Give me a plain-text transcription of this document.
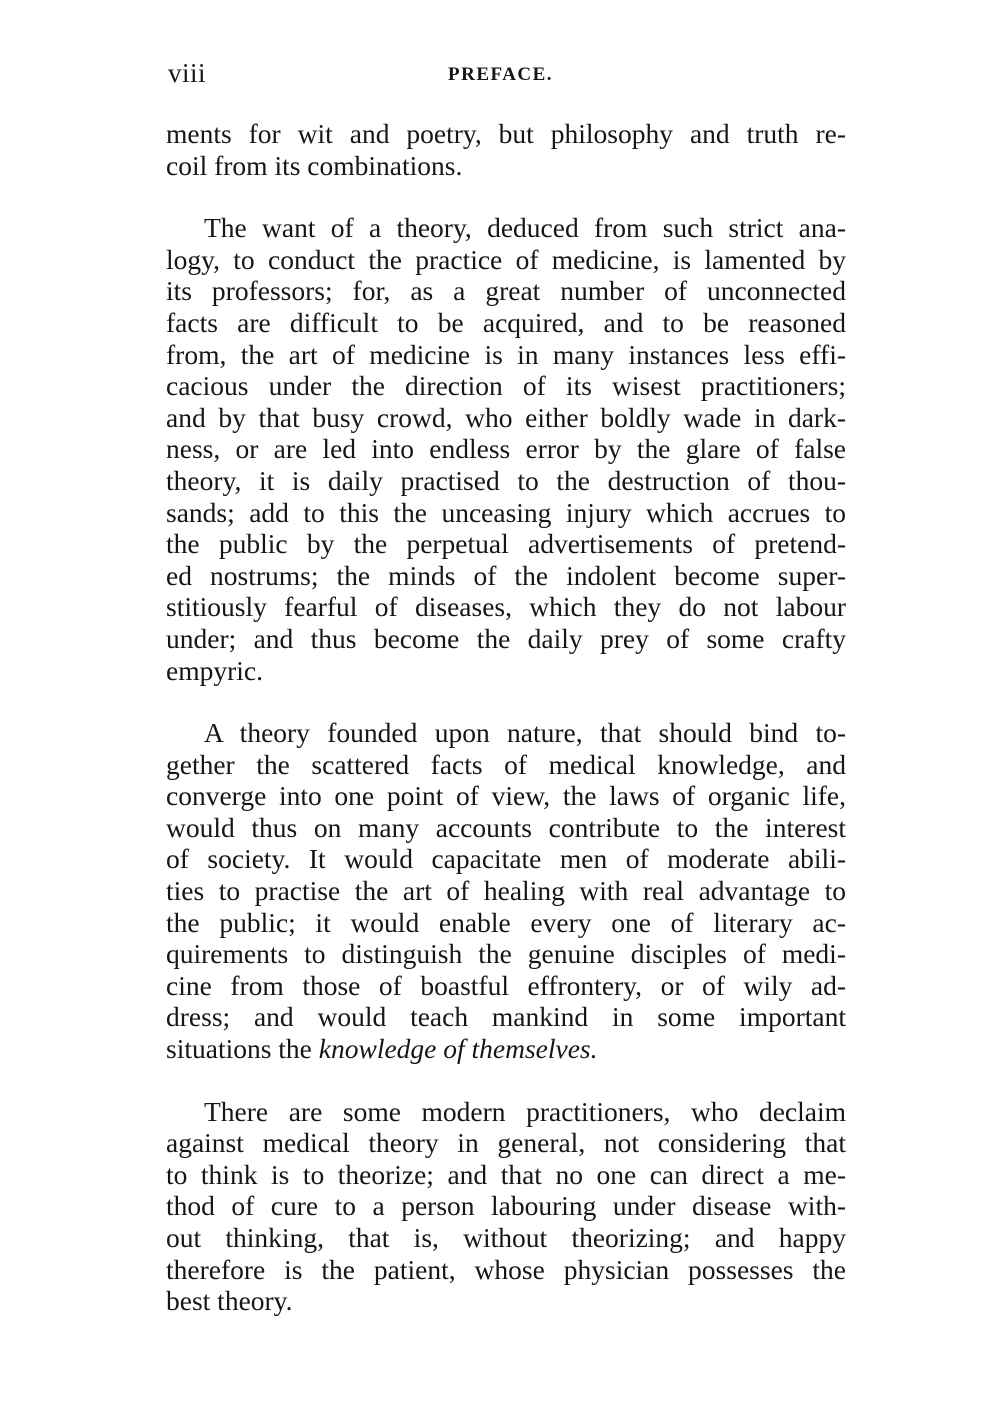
viii	PREFACE.
ments for wit and poetry, but philosophy and truth re-
coil from its combinations.
The want of a theory, deduced from such strict ana-
logy, to conduct the practice of medicine, is lamented by
its professors; for, as a great number of unconnected
facts are difficult to be acquired, and to be reasoned
from, the art of medicine is in many instances less effi-
cacious under the direction of its wisest practitioners;
and by that busy crowd, who either boldly wade in dark-
ness, or are led into endless error by the glare of false
theory, it is daily practised to the destruction of thou-
sands; add to this the unceasing injury which accrues to
the public by the perpetual advertisements of pretend-
ed nostrums; the minds of the indolent become super-
stitiously fearful of diseases, which they do not labour
under; and thus become the daily prey of some crafty
empyric.
A theory founded upon nature, that should bind to-
gether the scattered facts of medical knowledge, and
converge into one point of view, the laws of organic life,
would thus on many accounts contribute to the interest
of society. It would capacitate men of moderate abili-
ties to practise the art of healing with real advantage to
the public; it would enable every one of literary ac-
quirements to distinguish the genuine disciples of medi-
cine from those of boastful effrontery, or of wily ad-
dress; and would teach mankind in some important
situations the knowledge of themselves.
There are some modern practitioners, who declaim
against medical theory in general, not considering that
to think is to theorize; and that no one can direct a me-
thod of cure to a person labouring under disease with-
out thinking, that is, without theorizing; and happy
therefore is the patient, whose physician possesses the
best theory.
